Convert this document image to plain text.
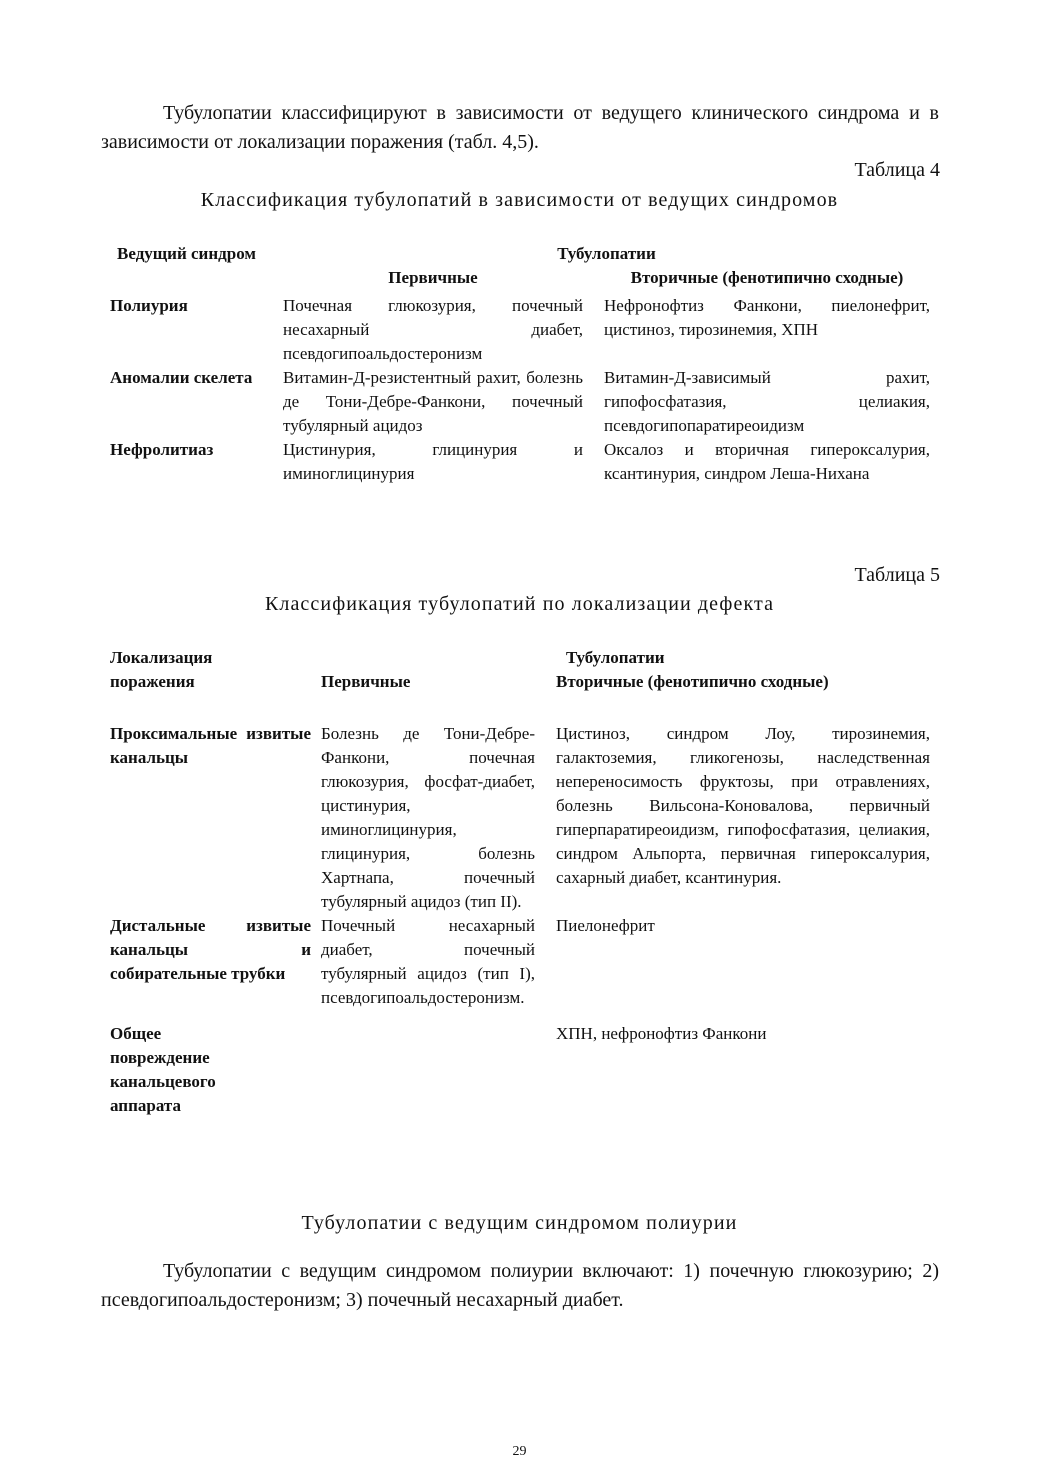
Тубулопатии классифицируют в зависимости от ведущего клинического синдрома и в зависимости от локализации поражения (табл. 4,5).

Таблица 4

Классификация тубулопатий в зависимости от ведущих синдромов

Ведущий синдром	Тубулопатии		
	Первичные		Вторичные (фенотипично сходные)
Полиурия	Почечная глюкозурия, почечный несахарный диабет, псевдогипоальдостеронизм		Нефронофтиз Фанкони, пиелонефрит, цистиноз, тирозинемия, ХПН
Аномалии скелета	Витамин-Д-резистентный рахит, болезнь де Тони-Дебре-Фанкони, почечный тубулярный ацидоз		Витамин-Д-зависимый рахит, гипофосфатазия, целиакия, псевдогипопаратиреоидизм
Нефролитиаз	Цистинурия, глицинурия и иминоглицинурия		Оксалоз и вторичная гипероксалурия, ксантинурия, синдром Леша-Нихана

Таблица 5

Классификация тубулопатий по локализации дефекта

Локализация поражения			Тубулопатии
	Первичные		Вторичные (фенотипично сходные)
Проксимальные извитые канальцы	Болезнь де Тони-Дебре-Фанкони, почечная глюкозурия, фосфат-диабет, цистинурия, иминоглицинурия, глицинурия, болезнь Хартнапа, почечный тубулярный ацидоз (тип II).		Цистиноз, синдром Лоу, тирозинемия, галактоземия, гликогенозы, наследственная непереносимость фруктозы, при отравлениях, болезнь Вильсона-Коновалова, первичный гиперпаратиреоидизм, гипофосфатазия, целиакия, синдром Альпорта, первичная гипероксалурия, сахарный диабет, ксантинурия.
Дистальные извитые канальцы и собирательные трубки	Почечный несахарный диабет, почечный тубулярный ацидоз (тип I), псевдогипоальдостеронизм.		Пиелонефрит
Общее повреждение канальцевого аппарата			ХПН, нефронофтиз Фанкони

Тубулопатии с ведущим синдромом полиурии

Тубулопатии с ведущим синдромом полиурии включают: 1) почечную глюкозурию; 2) псевдогипоальдостеронизм; 3) почечный несахарный диабет.

29
